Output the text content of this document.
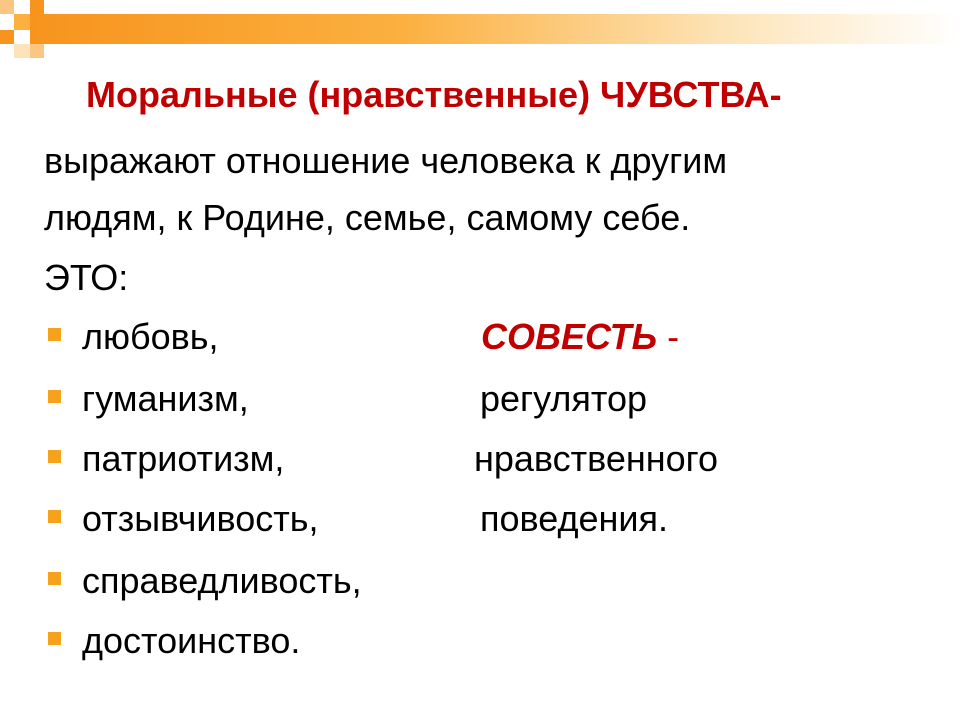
Моральные (нравственные) ЧУВСТВА-
выражают отношение человека к другим
людям, к Родине, семье, самому себе.
ЭТО:
любовь,
гуманизм,
патриотизм,
отзывчивость,
справедливость,
достоинство.
СОВЕСТЬ -
регулятор
нравственного
поведения.
